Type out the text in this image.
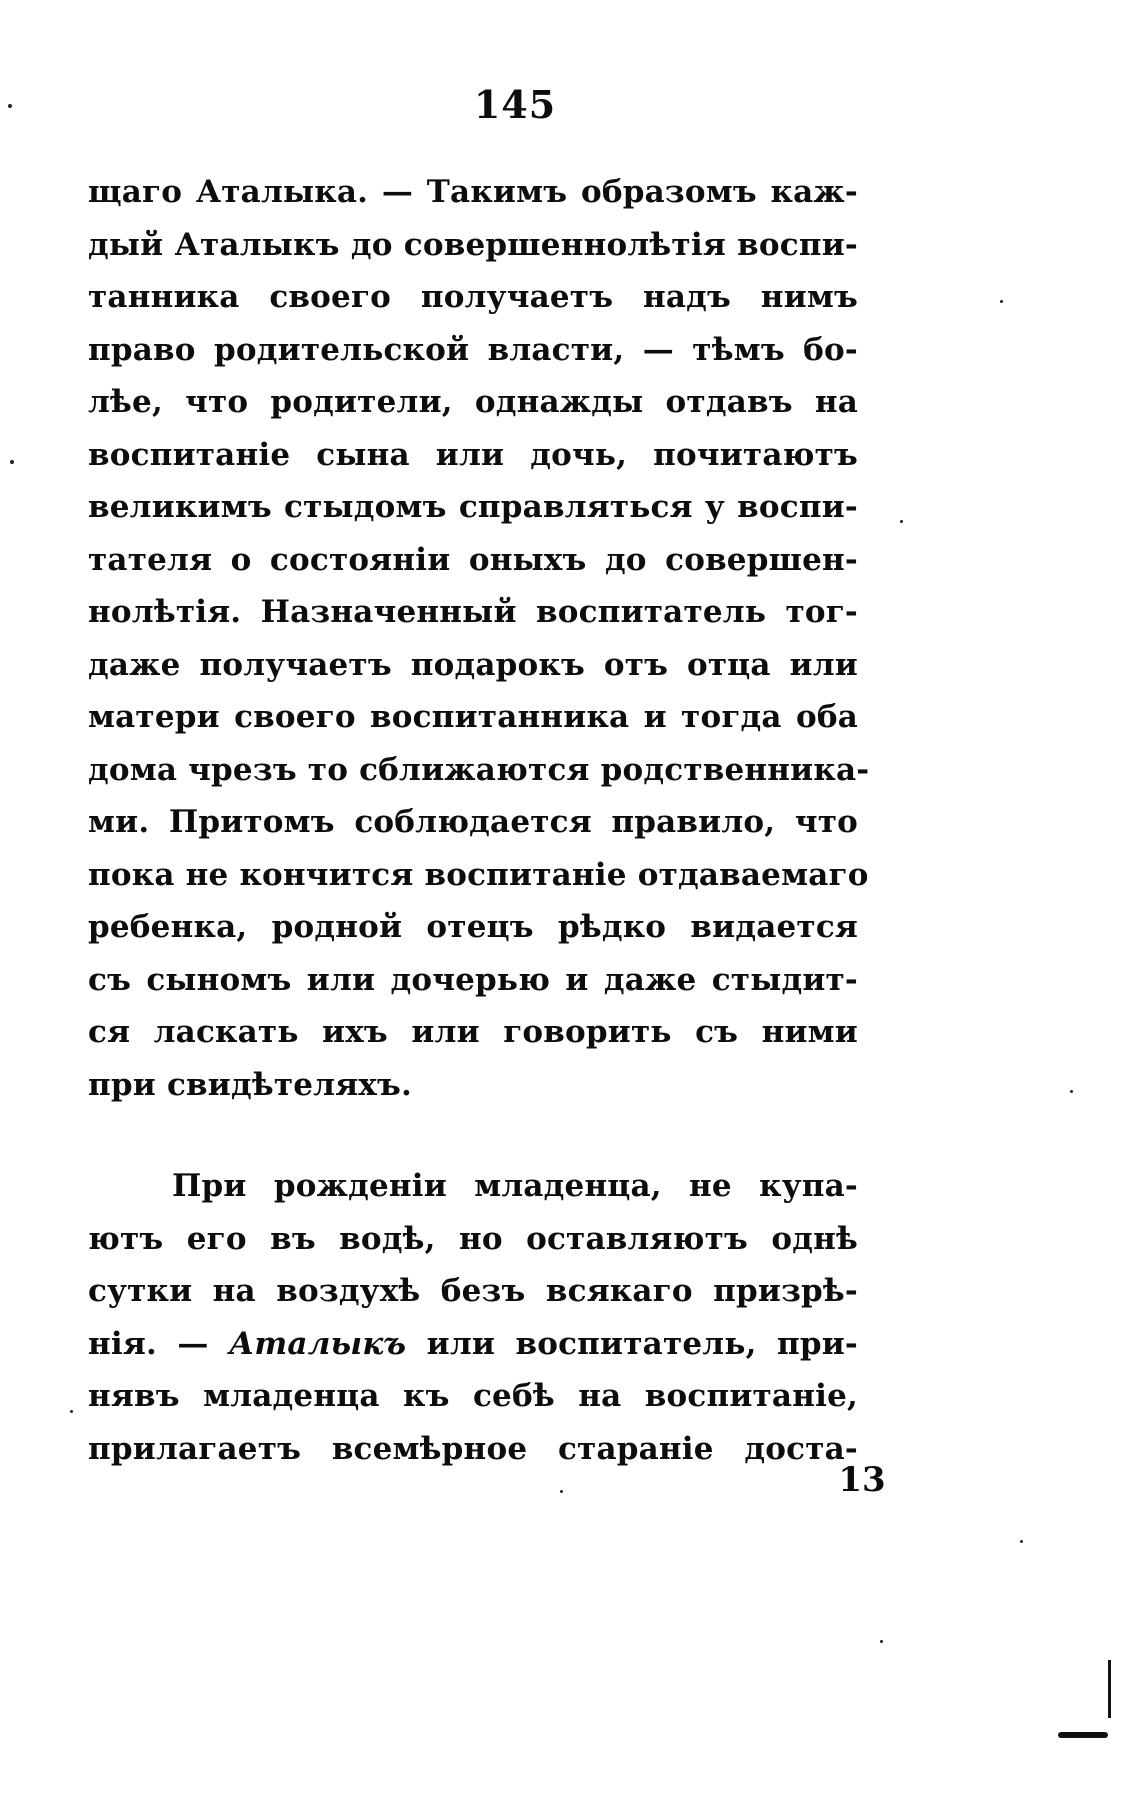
145
щаго Аталыка. — Такимъ образомъ каж-
дый Аталыкъ до совершеннолѣтія воспи-
танника своего получаетъ надъ нимъ
право родительской власти, — тѣмъ бо-
лѣе, что родители, однажды отдавъ на
воспитаніе сына или дочь, почитаютъ
великимъ стыдомъ справляться у воспи-
тателя о состояніи оныхъ до совершен-
нолѣтія. Назначенный воспитатель тог-
даже получаетъ подарокъ отъ отца или
матери своего воспитанника и тогда оба
дома чрезъ то сближаются родственника-
ми. Притомъ соблюдается правило, что
пока не кончится воспитаніе отдаваемаго
ребенка, родной отецъ рѣдко видается
съ сыномъ или дочерью и даже стыдит-
ся ласкать ихъ или говорить съ ними
при свидѣтеляхъ.
При рожденіи младенца, не купа-
ютъ его въ водѣ, но оставляютъ однѣ
сутки на воздухѣ безъ всякаго призрѣ-
нія. — Аталыкъ или воспитатель, при-
нявъ младенца къ себѣ на воспитаніе,
прилагаетъ всемѣрное стараніе доста-
13
